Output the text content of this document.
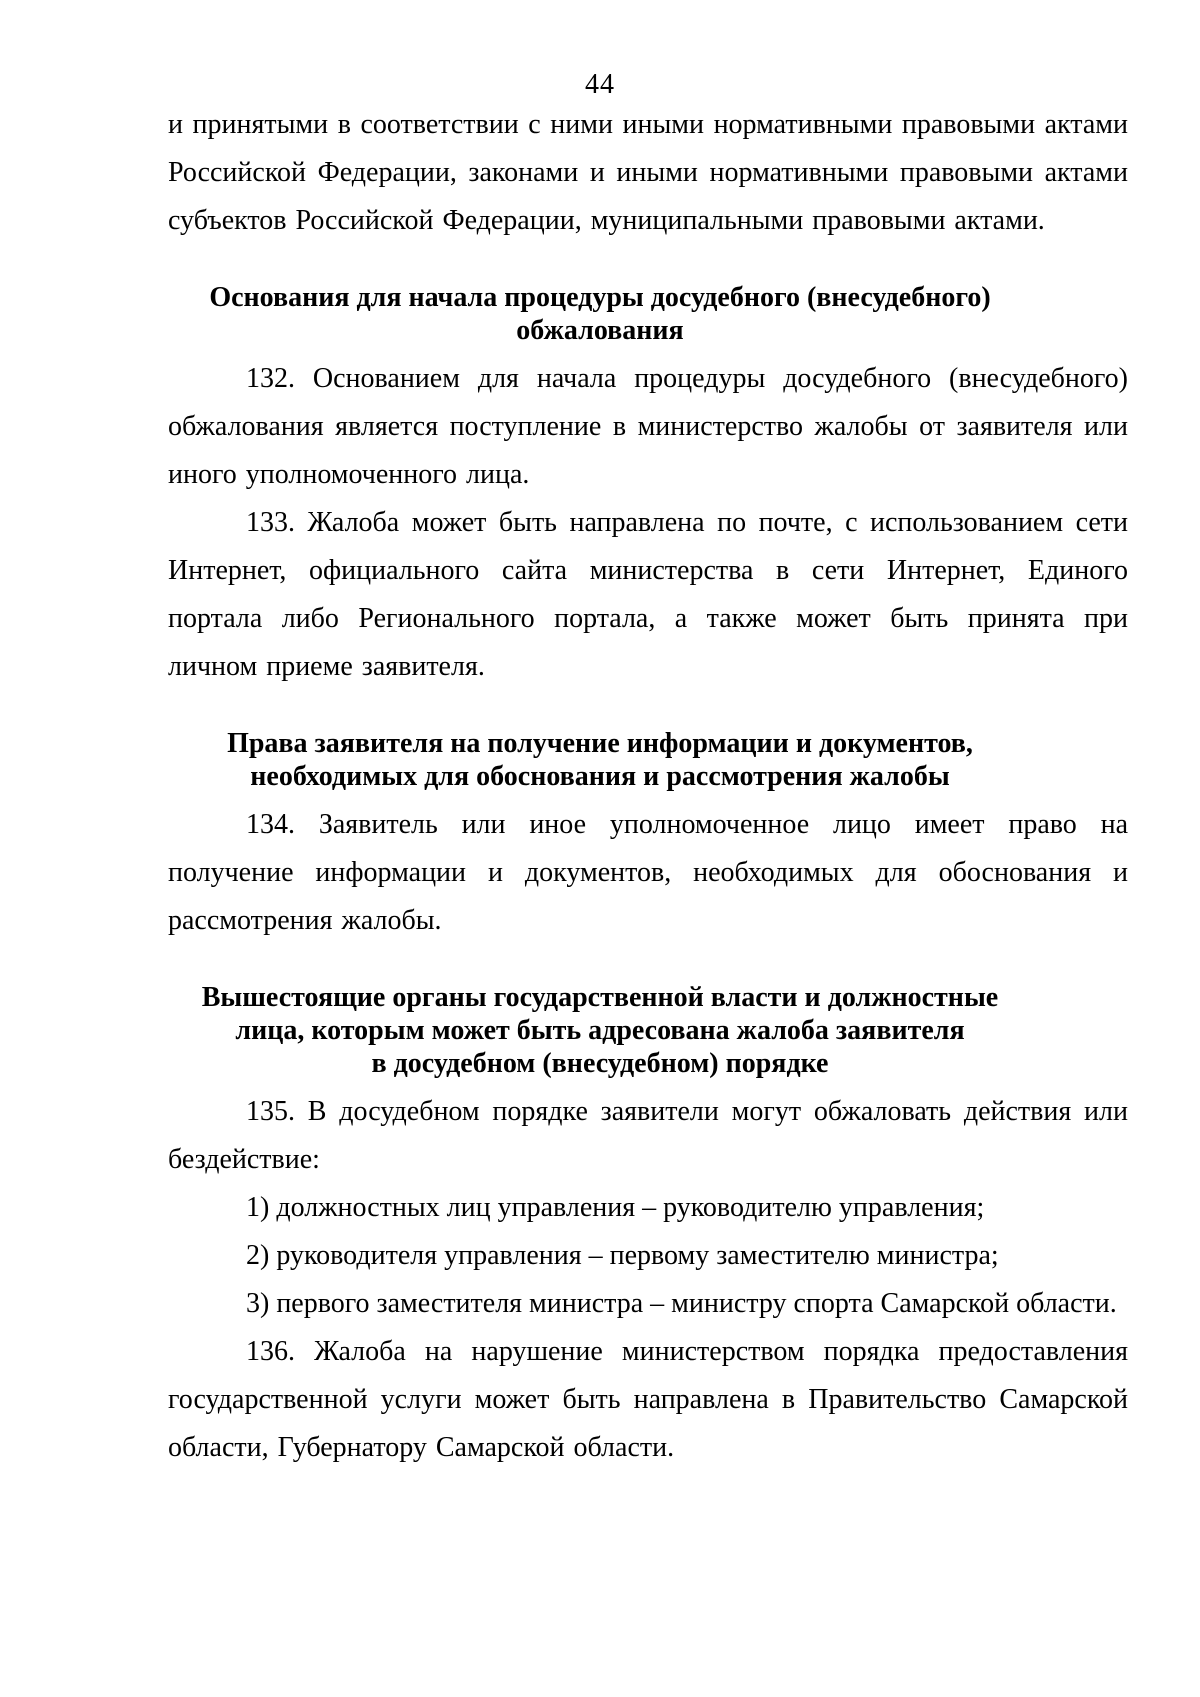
44

и принятыми в соответствии с ними иными нормативными правовыми актами Российской Федерации, законами и иными нормативными правовыми актами субъектов Российской Федерации, муниципальными правовыми актами.

Основания для начала процедуры досудебного (внесудебного)
обжалования

132. Основанием для начала процедуры досудебного (внесудебного) обжалования является поступление в министерство жалобы от заявителя или иного уполномоченного лица.

133. Жалоба может быть направлена по почте, с использованием сети Интернет, официального сайта министерства в сети Интернет, Единого портала либо Регионального портала, а также может быть принята при личном приеме заявителя.

Права заявителя на получение информации и документов,
необходимых для обоснования и рассмотрения жалобы

134. Заявитель или иное уполномоченное лицо имеет право на получение информации и документов, необходимых для обоснования и рассмотрения жалобы.

Вышестоящие органы государственной власти и должностные
лица, которым может быть адресована жалоба заявителя
в досудебном (внесудебном) порядке

135. В досудебном порядке заявители могут обжаловать действия или бездействие:

1) должностных лиц управления – руководителю управления;

2) руководителя управления – первому заместителю министра;

3) первого заместителя министра – министру спорта Самарской области.

136. Жалоба на нарушение министерством порядка предоставления государственной услуги может быть направлена в Правительство Самарской области, Губернатору Самарской области.
